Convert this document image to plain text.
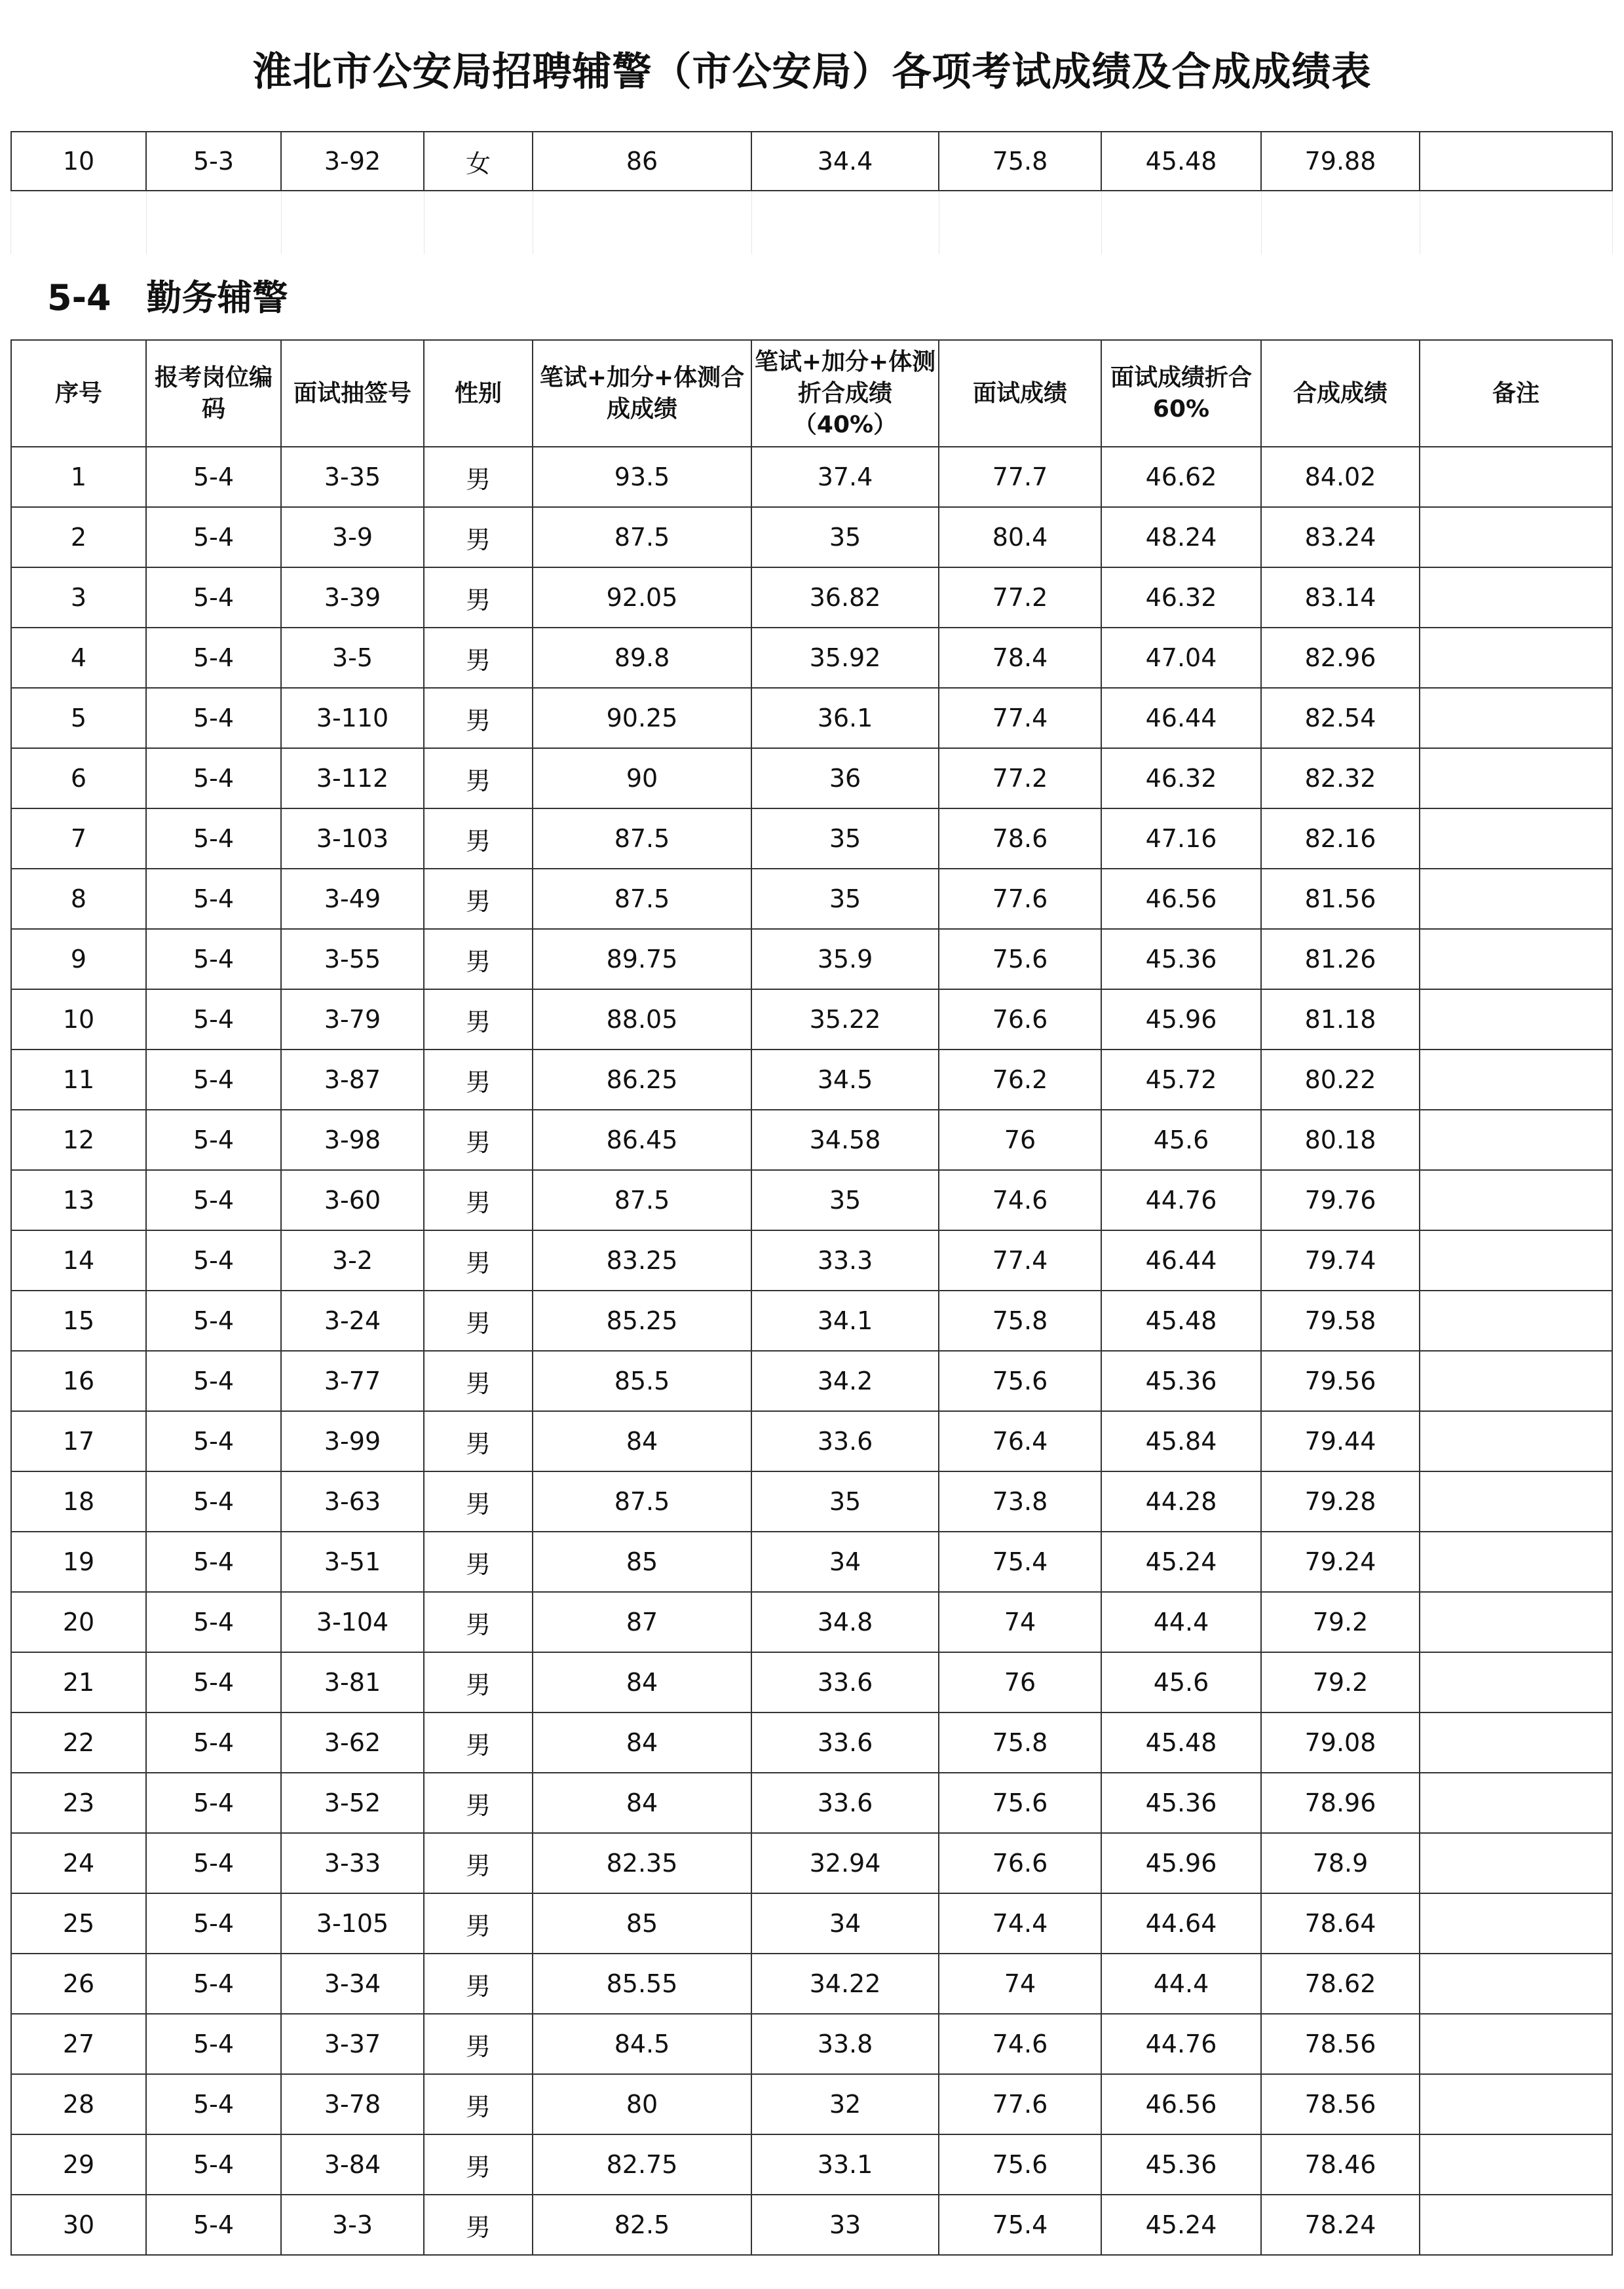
淮北市公安局招聘辅警（市公安局）各项考试成绩及合成成绩表
10	5-3	3-92	女	86	34.4	75.8	45.48	79.88	
5-4　勤务辅警
序号	报考岗位编码	面试抽签号	性别	笔试+加分+体测合成成绩	笔试+加分+体测折合成绩（40%）	面试成绩	面试成绩折合60%	合成成绩	备注
1	5-4	3-35	男	93.5	37.4	77.7	46.62	84.02	
2	5-4	3-9	男	87.5	35	80.4	48.24	83.24	
3	5-4	3-39	男	92.05	36.82	77.2	46.32	83.14	
4	5-4	3-5	男	89.8	35.92	78.4	47.04	82.96	
5	5-4	3-110	男	90.25	36.1	77.4	46.44	82.54	
6	5-4	3-112	男	90	36	77.2	46.32	82.32	
7	5-4	3-103	男	87.5	35	78.6	47.16	82.16	
8	5-4	3-49	男	87.5	35	77.6	46.56	81.56	
9	5-4	3-55	男	89.75	35.9	75.6	45.36	81.26	
10	5-4	3-79	男	88.05	35.22	76.6	45.96	81.18	
11	5-4	3-87	男	86.25	34.5	76.2	45.72	80.22	
12	5-4	3-98	男	86.45	34.58	76	45.6	80.18	
13	5-4	3-60	男	87.5	35	74.6	44.76	79.76	
14	5-4	3-2	男	83.25	33.3	77.4	46.44	79.74	
15	5-4	3-24	男	85.25	34.1	75.8	45.48	79.58	
16	5-4	3-77	男	85.5	34.2	75.6	45.36	79.56	
17	5-4	3-99	男	84	33.6	76.4	45.84	79.44	
18	5-4	3-63	男	87.5	35	73.8	44.28	79.28	
19	5-4	3-51	男	85	34	75.4	45.24	79.24	
20	5-4	3-104	男	87	34.8	74	44.4	79.2	
21	5-4	3-81	男	84	33.6	76	45.6	79.2	
22	5-4	3-62	男	84	33.6	75.8	45.48	79.08	
23	5-4	3-52	男	84	33.6	75.6	45.36	78.96	
24	5-4	3-33	男	82.35	32.94	76.6	45.96	78.9	
25	5-4	3-105	男	85	34	74.4	44.64	78.64	
26	5-4	3-34	男	85.55	34.22	74	44.4	78.62	
27	5-4	3-37	男	84.5	33.8	74.6	44.76	78.56	
28	5-4	3-78	男	80	32	77.6	46.56	78.56	
29	5-4	3-84	男	82.75	33.1	75.6	45.36	78.46	
30	5-4	3-3	男	82.5	33	75.4	45.24	78.24	
